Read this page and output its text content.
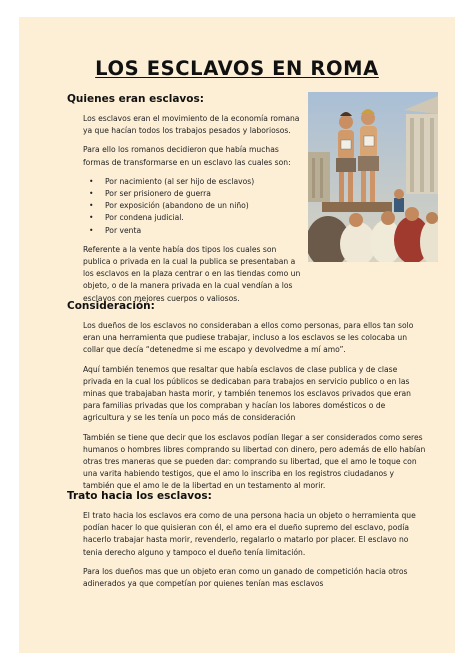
LOS ESCLAVOS EN ROMA
Quienes eran esclavos:

Los esclavos eran el movimiento de la economía romana ya que hacían todos los trabajos pesados y laboriosos.

Para ello los romanos decidieron que había muchas formas de transformarse en un esclavo las cuales son:

• Por nacimiento (al ser hijo de esclavos)
• Por ser prisionero de guerra
• Por exposición (abandono de un niño)
• Por condena judicial.
• Por venta

Referente a la vente había dos tipos los cuales son publica o privada en la cual la publica se presentaban a los esclavos en la plaza centrar o en las tiendas como un objeto, o de la manera privada en la cual vendían a los esclavos con mejores cuerpos o valiosos.

Consideración:

Los dueños de los esclavos no consideraban a ellos como personas, para ellos tan solo eran una herramienta que pudiese trabajar, incluso a los esclavos se les colocaba un collar que decía “detenedme si me escapo y devolvedme a mí amo”.

Aquí también tenemos que resaltar que había esclavos de clase publica y de clase privada en la cual los públicos se dedicaban para trabajos en servicio publico o en las minas que trabajaban hasta morir, y también tenemos los esclavos privados que eran para familias privadas que los compraban y hacían los labores domésticos o de agricultura y se les tenía un poco más de consideración

También se tiene que decir que los esclavos podían llegar a ser considerados como seres humanos o hombres libres comprando su libertad con dinero, pero además de ello habían otras tres maneras que se pueden dar: comprando su libertad, que el amo le toque con una varita habiendo testigos, que el amo lo inscriba en los registros ciudadanos y también que el amo le de la libertad en un testamento al morir.

Trato hacia los esclavos:

El trato hacia los esclavos era como de una persona hacia un objeto o herramienta que podían hacer lo que quisieran con él, el amo era el dueño supremo del esclavo, podía hacerlo trabajar hasta morir, revenderlo, regalarlo o matarlo por placer. El esclavo no tenia derecho alguno y tampoco el dueño tenía limitación.

Para los dueños mas que un objeto eran como un ganado de competición hacia otros adinerados ya que competían por quienes tenían mas esclavos
